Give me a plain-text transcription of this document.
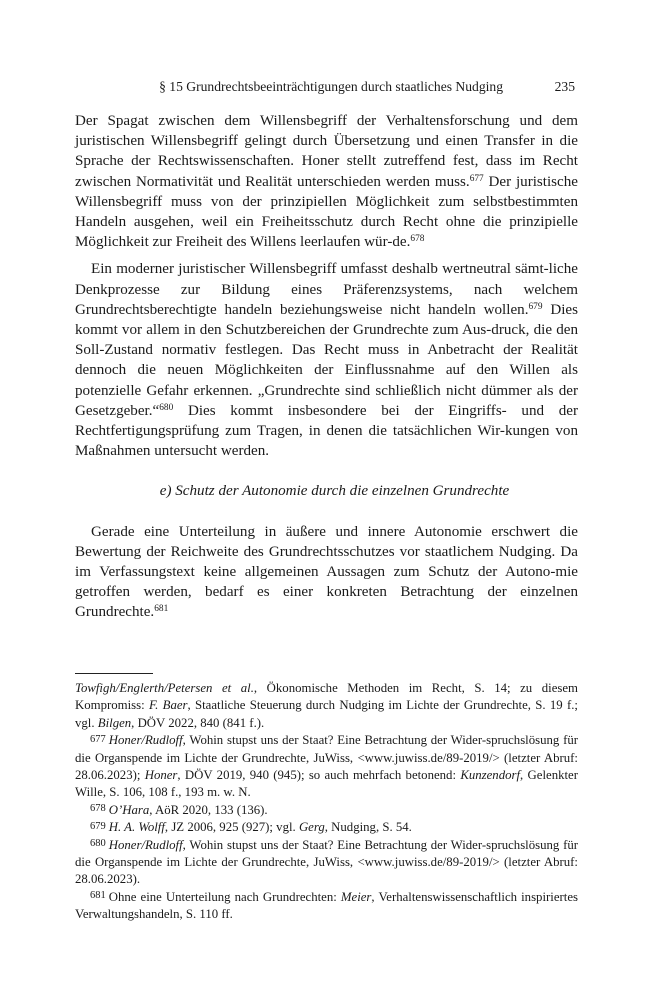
§ 15 Grundrechtsbeeinträchtigungen durch staatliches Nudging	235

Der Spagat zwischen dem Willensbegriff der Verhaltensforschung und dem juristischen Willensbegriff gelingt durch Übersetzung und einen Transfer in die Sprache der Rechtswissenschaften. Honer stellt zutreffend fest, dass im Recht zwischen Normativität und Realität unterschieden werden muss.$^{677}$ Der juristische Willensbegriff muss von der prinzipiellen Möglichkeit zum selbstbestimmten Handeln ausgehen, weil ein Freiheitsschutz durch Recht ohne die prinzipielle Möglichkeit zur Freiheit des Willens leerlaufen wür-de.$^{678}$

Ein moderner juristischer Willensbegriff umfasst deshalb wertneutral sämt-liche Denkprozesse zur Bildung eines Präferenzsystems, nach welchem Grundrechtsberechtigte handeln beziehungsweise nicht handeln wollen.$^{679}$ Dies kommt vor allem in den Schutzbereichen der Grundrechte zum Aus-druck, die den Soll-Zustand normativ festlegen. Das Recht muss in Anbetracht der Realität dennoch die neuen Möglichkeiten der Einflussnahme auf den Willen als potenzielle Gefahr erkennen. „Grundrechte sind schließlich nicht dümmer als der Gesetzgeber.“$^{680}$ Dies kommt insbesondere bei der Eingriffs- und der Rechtfertigungsprüfung zum Tragen, in denen die tatsächlichen Wir-kungen von Maßnahmen untersucht werden.

e) Schutz der Autonomie durch die einzelnen Grundrechte

Gerade eine Unterteilung in äußere und innere Autonomie erschwert die Bewertung der Reichweite des Grundrechtsschutzes vor staatlichem Nudging. Da im Verfassungstext keine allgemeinen Aussagen zum Schutz der Autono-mie getroffen werden, bedarf es einer konkreten Betrachtung der einzelnen Grundrechte.$^{681}$

Towfigh/Englerth/Petersen et al., Ökonomische Methoden im Recht, S. 14; zu diesem Kompromiss: F. Baer, Staatliche Steuerung durch Nudging im Lichte der Grundrechte, S. 19 f.; vgl. Bilgen, DÖV 2022, 840 (841 f.).

$^{677}$ Honer/Rudloff, Wohin stupst uns der Staat? Eine Betrachtung der Wider-spruchslösung für die Organspende im Lichte der Grundrechte, JuWiss, <www.juwiss.de/89-2019/> (letzter Abruf: 28.06.2023); Honer, DÖV 2019, 940 (945); so auch mehrfach betonend: Kunzendorf, Gelenkter Wille, S. 106, 108 f., 193 m. w. N.

$^{678}$ O’Hara, AöR 2020, 133 (136).

$^{679}$ H. A. Wolff, JZ 2006, 925 (927); vgl. Gerg, Nudging, S. 54.

$^{680}$ Honer/Rudloff, Wohin stupst uns der Staat? Eine Betrachtung der Wider-spruchslösung für die Organspende im Lichte der Grundrechte, JuWiss, <www.juwiss.de/89-2019/> (letzter Abruf: 28.06.2023).

$^{681}$ Ohne eine Unterteilung nach Grundrechten: Meier, Verhaltenswissenschaftlich inspiriertes Verwaltungshandeln, S. 110 ff.
